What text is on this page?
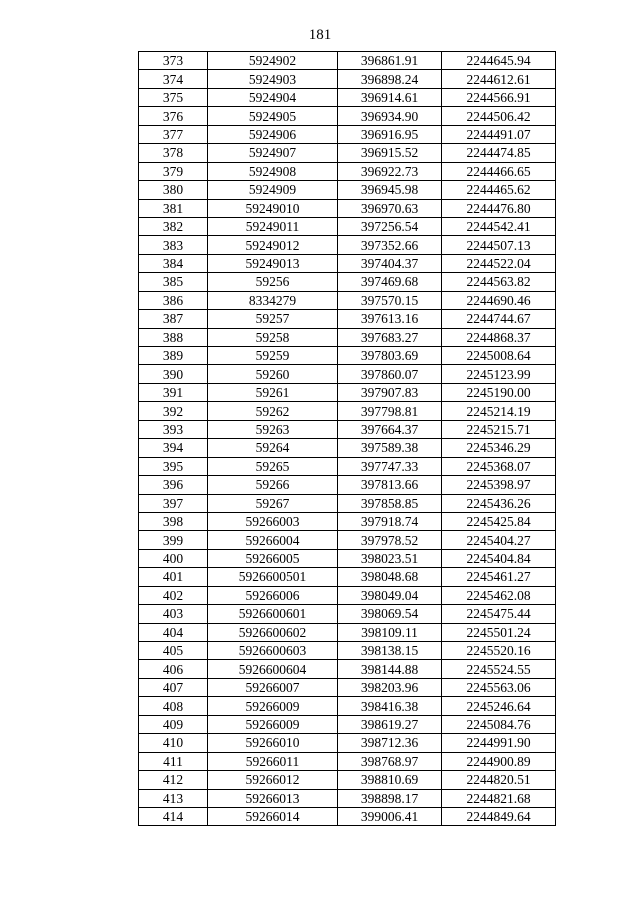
181
373	5924902	396861.91	2244645.94
374	5924903	396898.24	2244612.61
375	5924904	396914.61	2244566.91
376	5924905	396934.90	2244506.42
377	5924906	396916.95	2244491.07
378	5924907	396915.52	2244474.85
379	5924908	396922.73	2244466.65
380	5924909	396945.98	2244465.62
381	59249010	396970.63	2244476.80
382	59249011	397256.54	2244542.41
383	59249012	397352.66	2244507.13
384	59249013	397404.37	2244522.04
385	59256	397469.68	2244563.82
386	8334279	397570.15	2244690.46
387	59257	397613.16	2244744.67
388	59258	397683.27	2244868.37
389	59259	397803.69	2245008.64
390	59260	397860.07	2245123.99
391	59261	397907.83	2245190.00
392	59262	397798.81	2245214.19
393	59263	397664.37	2245215.71
394	59264	397589.38	2245346.29
395	59265	397747.33	2245368.07
396	59266	397813.66	2245398.97
397	59267	397858.85	2245436.26
398	59266003	397918.74	2245425.84
399	59266004	397978.52	2245404.27
400	59266005	398023.51	2245404.84
401	5926600501	398048.68	2245461.27
402	59266006	398049.04	2245462.08
403	5926600601	398069.54	2245475.44
404	5926600602	398109.11	2245501.24
405	5926600603	398138.15	2245520.16
406	5926600604	398144.88	2245524.55
407	59266007	398203.96	2245563.06
408	59266009	398416.38	2245246.64
409	59266009	398619.27	2245084.76
410	59266010	398712.36	2244991.90
411	59266011	398768.97	2244900.89
412	59266012	398810.69	2244820.51
413	59266013	398898.17	2244821.68
414	59266014	399006.41	2244849.64
